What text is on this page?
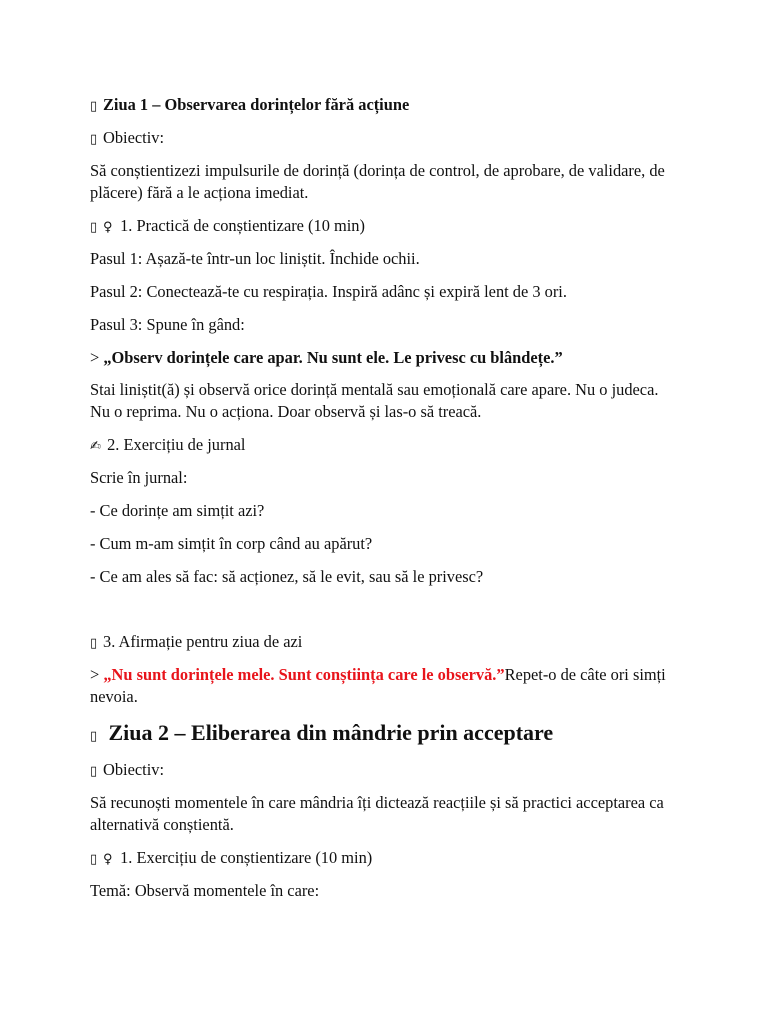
▯ Ziua 1 – Observarea dorințelor fără acțiune
▯ Obiectiv:
Să conștientizezi impulsurile de dorință (dorința de control, de aprobare, de validare, de plăcere) fără a le acționa imediat.
▯ ♀ 1. Practică de conștientizare (10 min)
Pasul 1: Așază-te într-un loc liniștit. Închide ochii.
Pasul 2: Conectează-te cu respirația. Inspiră adânc și expiră lent de 3 ori.
Pasul 3: Spune în gând:
> „Observ dorințele care apar. Nu sunt ele. Le privesc cu blândețe.”
Stai liniștit(ă) și observă orice dorință mentală sau emoțională care apare. Nu o judeca. Nu o reprima. Nu o acționa. Doar observă și las-o să treacă.
✍ 2. Exercițiu de jurnal
Scrie în jurnal:
- Ce dorințe am simțit azi?
- Cum m-am simțit în corp când au apărut?
- Ce am ales să fac: să acționez, să le evit, sau să le privesc?
▯ 3. Afirmație pentru ziua de azi
> „Nu sunt dorințele mele. Sunt conștiința care le observă.”Repet-o de câte ori simți nevoia.
▯ Ziua 2 – Eliberarea din mândrie prin acceptare
▯ Obiectiv:
Să recunoști momentele în care mândria îți dictează reacțiile și să practici acceptarea ca alternativă conștientă.
▯ ♀ 1. Exercițiu de conștientizare (10 min)
Temă: Observă momentele în care:
